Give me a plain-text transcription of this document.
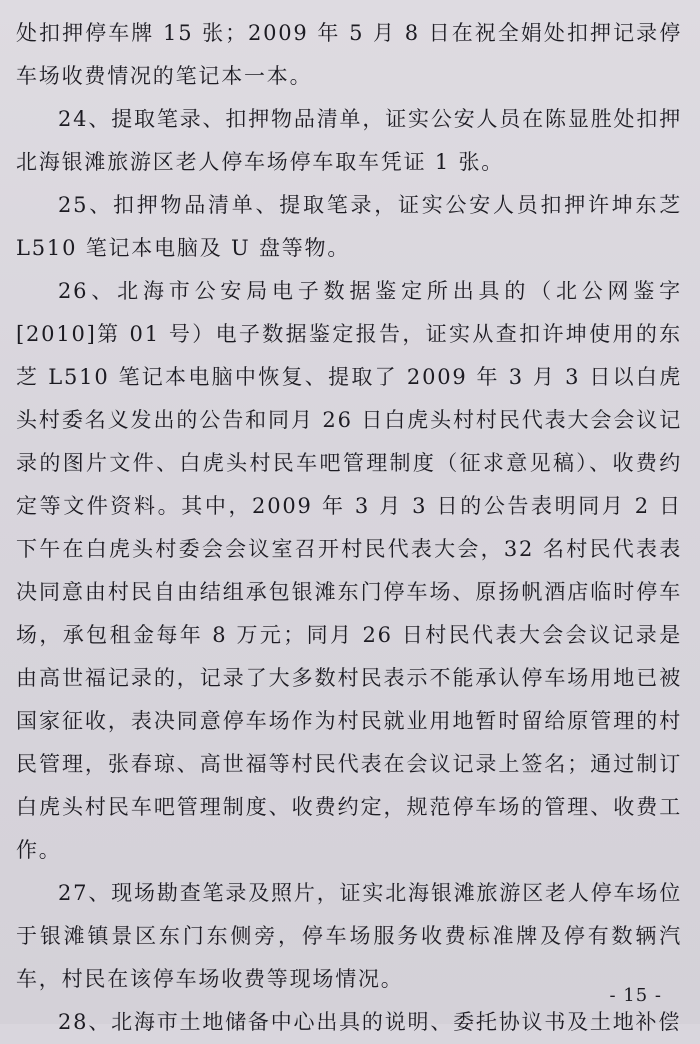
处扣押停车牌 15 张；2009 年 5 月 8 日在祝全娟处扣押记录停车场收费情况的笔记本一本。

24、提取笔录、扣押物品清单，证实公安人员在陈显胜处扣押北海银滩旅游区老人停车场停车取车凭证 1 张。

25、扣押物品清单、提取笔录，证实公安人员扣押许坤东芝 L510 笔记本电脑及 U 盘等物。

26、北海市公安局电子数据鉴定所出具的（北公网鉴字[2010]第 01 号）电子数据鉴定报告，证实从查扣许坤使用的东芝 L510 笔记本电脑中恢复、提取了 2009 年 3 月 3 日以白虎头村委名义发出的公告和同月 26 日白虎头村村民代表大会会议记录的图片文件、白虎头村民车吧管理制度（征求意见稿）、收费约定等文件资料。其中，2009 年 3 月 3 日的公告表明同月 2 日下午在白虎头村委会会议室召开村民代表大会，32 名村民代表表决同意由村民自由结组承包银滩东门停车场、原扬帆酒店临时停车场，承包租金每年 8 万元；同月 26 日村民代表大会会议记录是由高世福记录的，记录了大多数村民表示不能承认停车场用地已被国家征收，表决同意停车场作为村民就业用地暂时留给原管理的村民管理，张春琼、高世福等村民代表在会议记录上签名；通过制订白虎头村民车吧管理制度、收费约定，规范停车场的管理、收费工作。

27、现场勘查笔录及照片，证实北海银滩旅游区老人停车场位于银滩镇景区东门东侧旁，停车场服务收费标准牌及停有数辆汽车，村民在该停车场收费等现场情况。

28、北海市土地储备中心出具的说明、委托协议书及土地补偿

- 15 -
